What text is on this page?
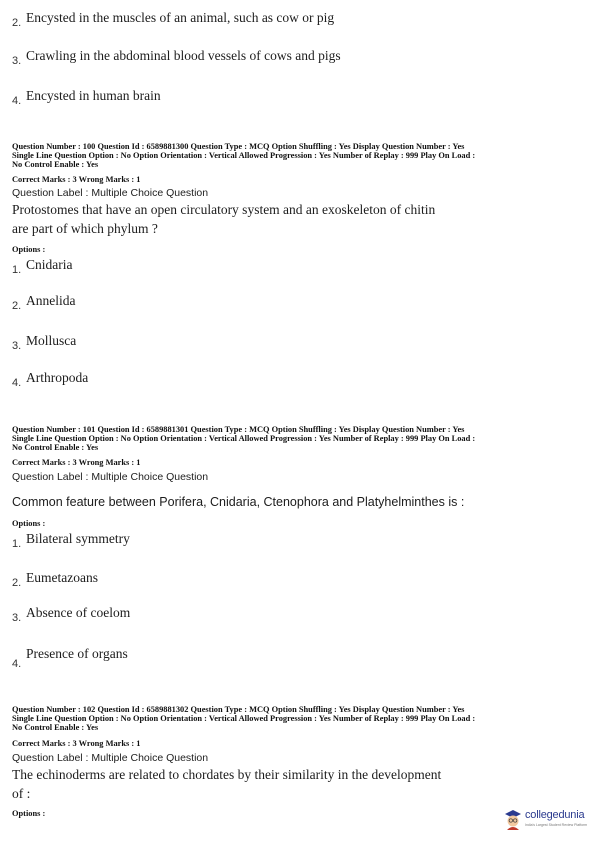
2. Encysted in the muscles of an animal, such as cow or pig
3. Crawling in the abdominal blood vessels of cows and pigs
4. Encysted in human brain
Question Number : 100 Question Id : 6589881300 Question Type : MCQ Option Shuffling : Yes Display Question Number : Yes
Single Line Question Option : No Option Orientation : Vertical Allowed Progression : Yes Number of Replay : 999 Play On Load :
No Control Enable : Yes
Correct Marks : 3 Wrong Marks : 1
Question Label : Multiple Choice Question
Protostomes that have an open circulatory system and an exoskeleton of chitin
are part of which phylum ?
Options :
1. Cnidaria
2. Annelida
3. Mollusca
4. Arthropoda
Question Number : 101 Question Id : 6589881301 Question Type : MCQ Option Shuffling : Yes Display Question Number : Yes
Single Line Question Option : No Option Orientation : Vertical Allowed Progression : Yes Number of Replay : 999 Play On Load :
No Control Enable : Yes
Correct Marks : 3 Wrong Marks : 1
Question Label : Multiple Choice Question
Common feature between Porifera, Cnidaria, Ctenophora and Platyhelminthes is :
Options :
1. Bilateral symmetry
2. Eumetazoans
3. Absence of coelom
4.
Presence of organs
Question Number : 102 Question Id : 6589881302 Question Type : MCQ Option Shuffling : Yes Display Question Number : Yes
Single Line Question Option : No Option Orientation : Vertical Allowed Progression : Yes Number of Replay : 999 Play On Load :
No Control Enable : Yes
Correct Marks : 3 Wrong Marks : 1
Question Label : Multiple Choice Question
The echinoderms are related to chordates by their similarity in the development
of :
Options :	collegedunia
India's Largest Student Review Platform
